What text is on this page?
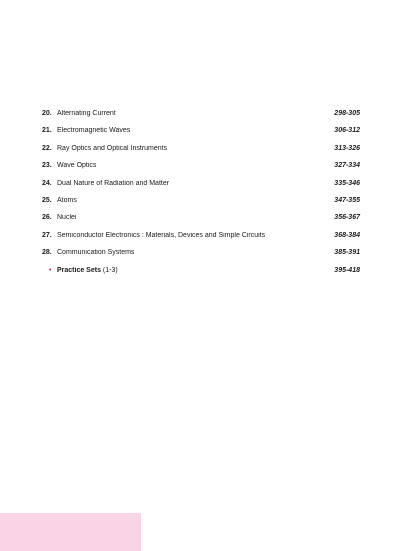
20. Alternating Current	298-305
21. Electromagnetic Waves	306-312
22. Ray Optics and Optical Instruments	313-326
23. Wave Optics	327-334
24. Dual Nature of Radiation and Matter	335-346
25. Atoms	347-355
26. Nuclei	356-367
27. Semiconductor Electronics : Materials, Devices and Simple Circuits	368-384
28. Communication Systems	385-391
• Practice Sets (1-3)	395-418
